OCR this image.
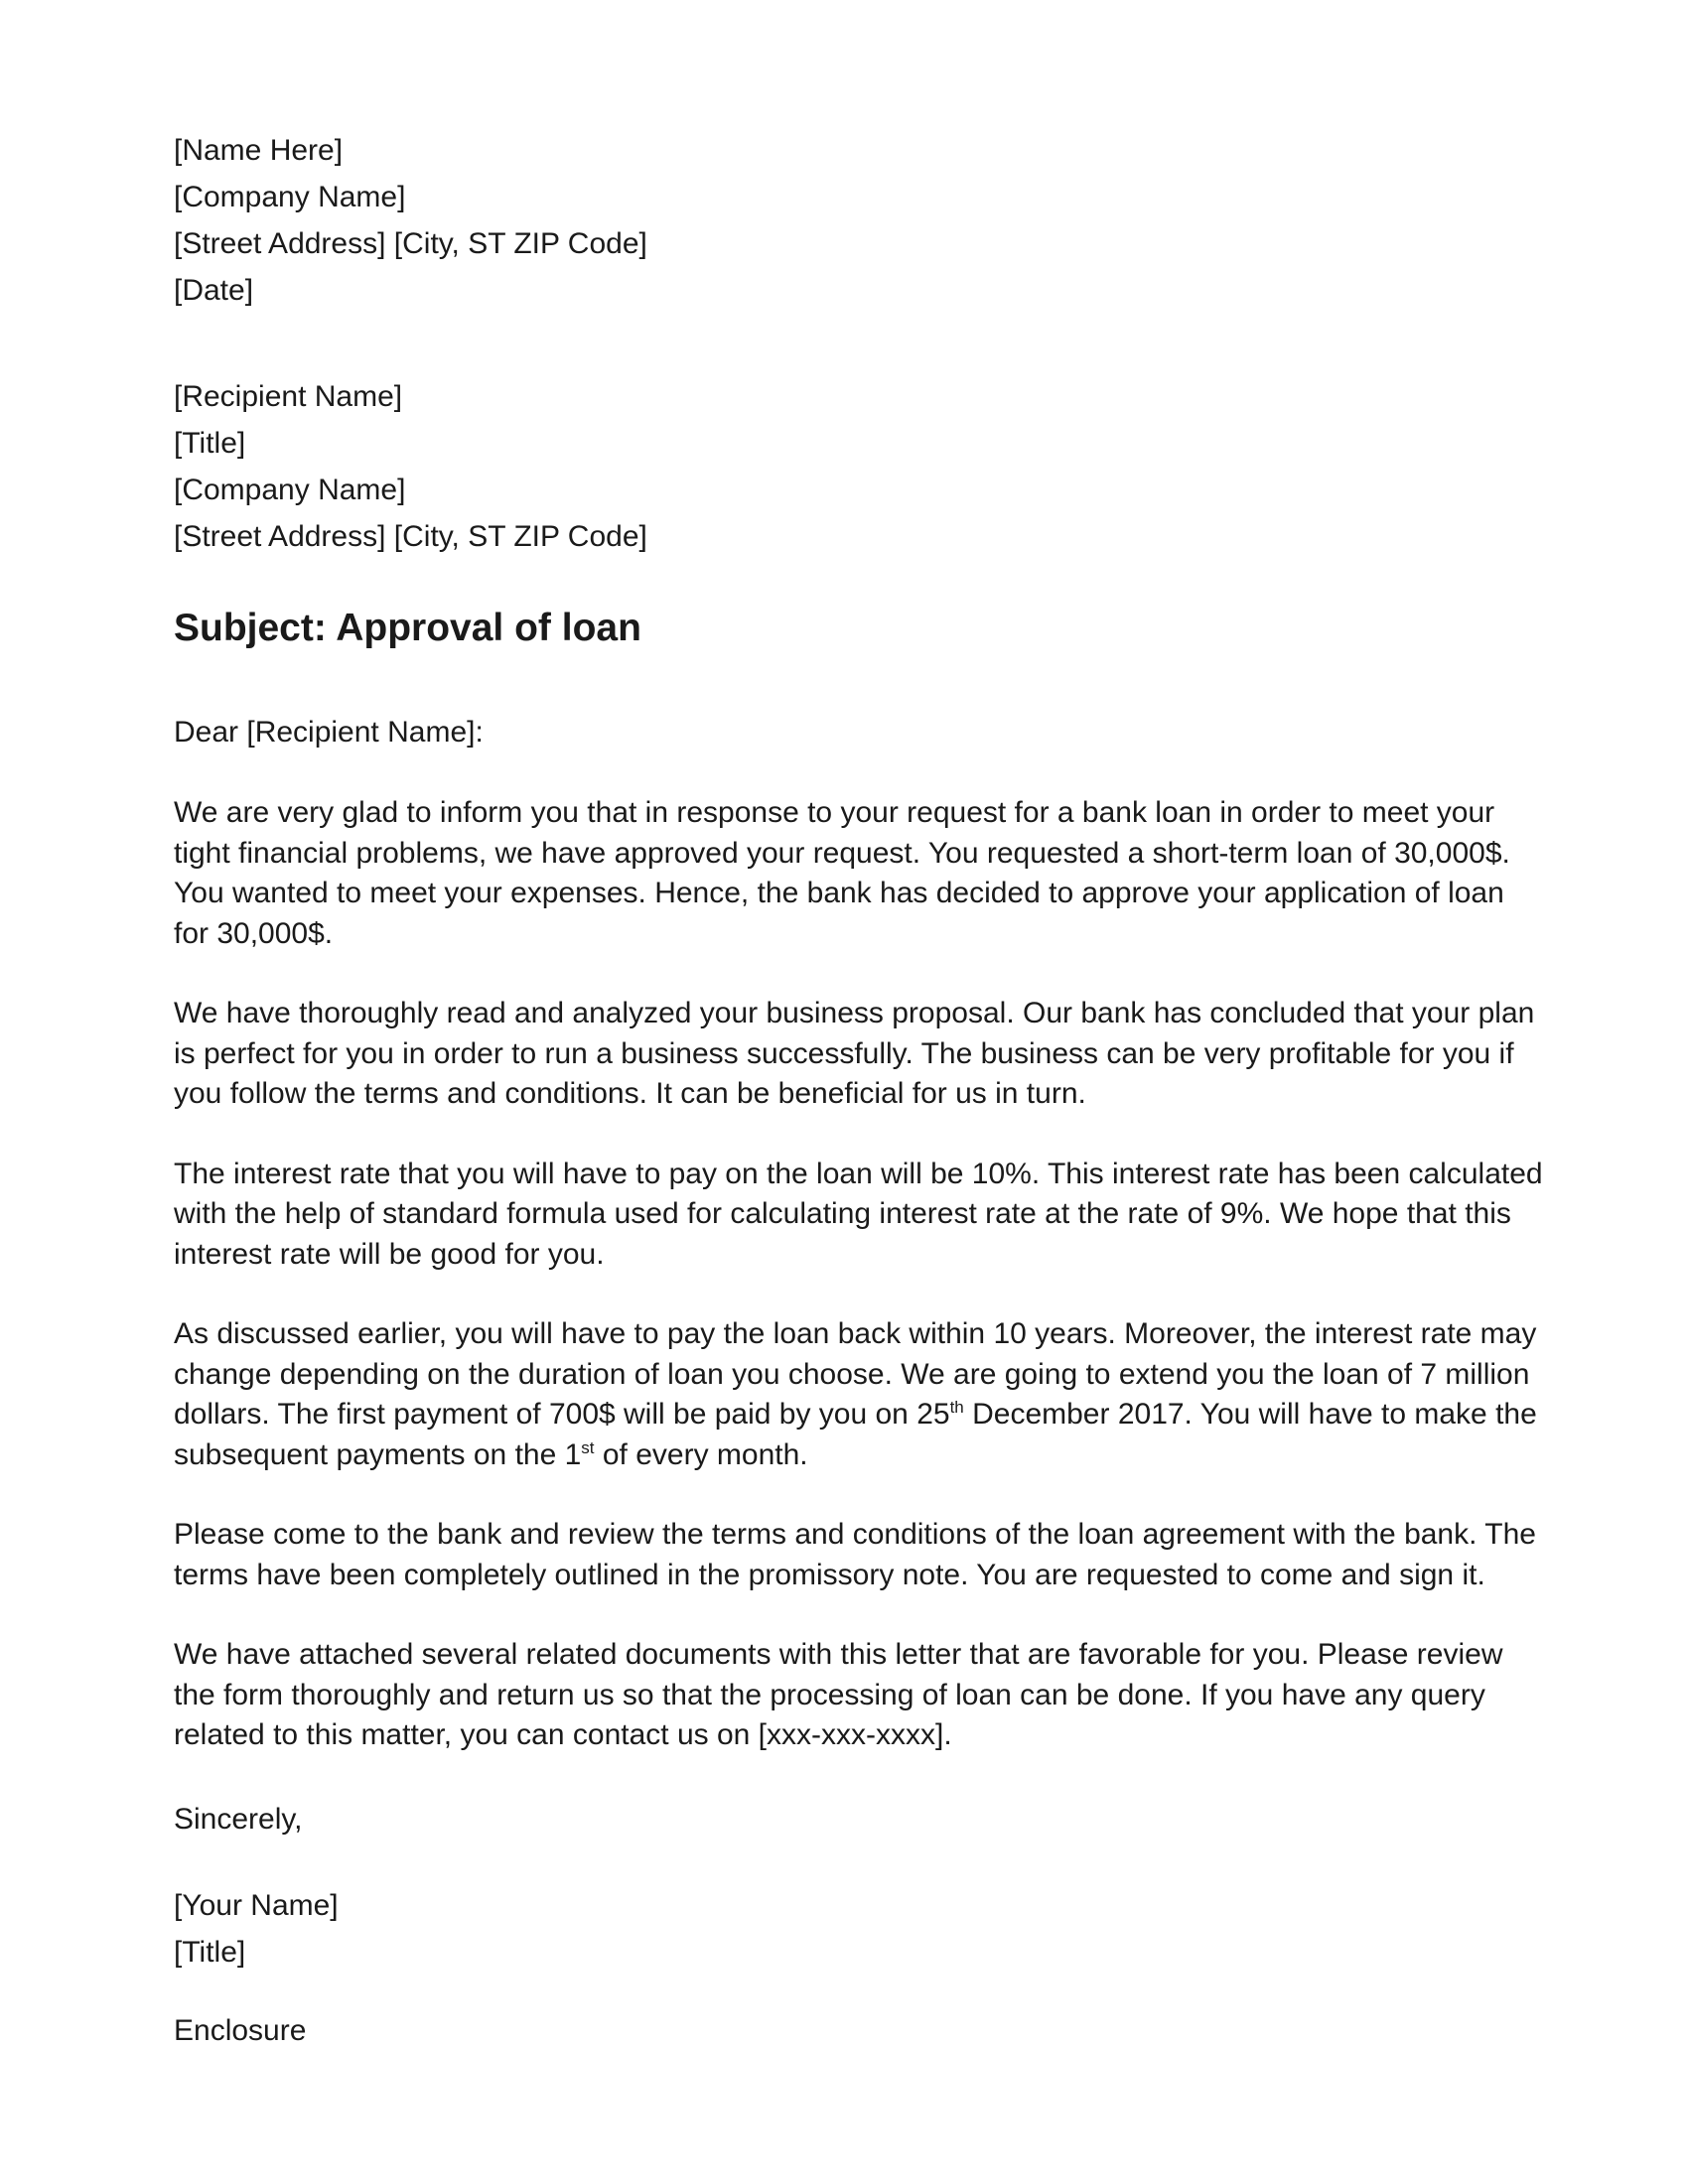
[Name Here]
[Company Name]
[Street Address] [City, ST ZIP Code]
[Date]
[Recipient Name]
[Title]
[Company Name]
[Street Address] [City, ST ZIP Code]
Subject: Approval of loan
Dear [Recipient Name]:

We are very glad to inform you that in response to your request for a bank loan in order to meet your tight financial problems, we have approved your request. You requested a short-term loan of 30,000$. You wanted to meet your expenses. Hence, the bank has decided to approve your application of loan for 30,000$.

We have thoroughly read and analyzed your business proposal. Our bank has concluded that your plan is perfect for you in order to run a business successfully. The business can be very profitable for you if you follow the terms and conditions. It can be beneficial for us in turn.

The interest rate that you will have to pay on the loan will be 10%. This interest rate has been calculated with the help of standard formula used for calculating interest rate at the rate of 9%. We hope that this interest rate will be good for you.

As discussed earlier, you will have to pay the loan back within 10 years. Moreover, the interest rate may change depending on the duration of loan you choose. We are going to extend you the loan of 7 million dollars. The first payment of 700$ will be paid by you on 25th December 2017. You will have to make the subsequent payments on the 1st of every month.

Please come to the bank and review the terms and conditions of the loan agreement with the bank. The terms have been completely outlined in the promissory note. You are requested to come and sign it.

We have attached several related documents with this letter that are favorable for you. Please review the form thoroughly and return us so that the processing of loan can be done. If you have any query related to this matter, you can contact us on [xxx-xxx-xxxx].

Sincerely,
[Your Name]
[Title]
Enclosure
